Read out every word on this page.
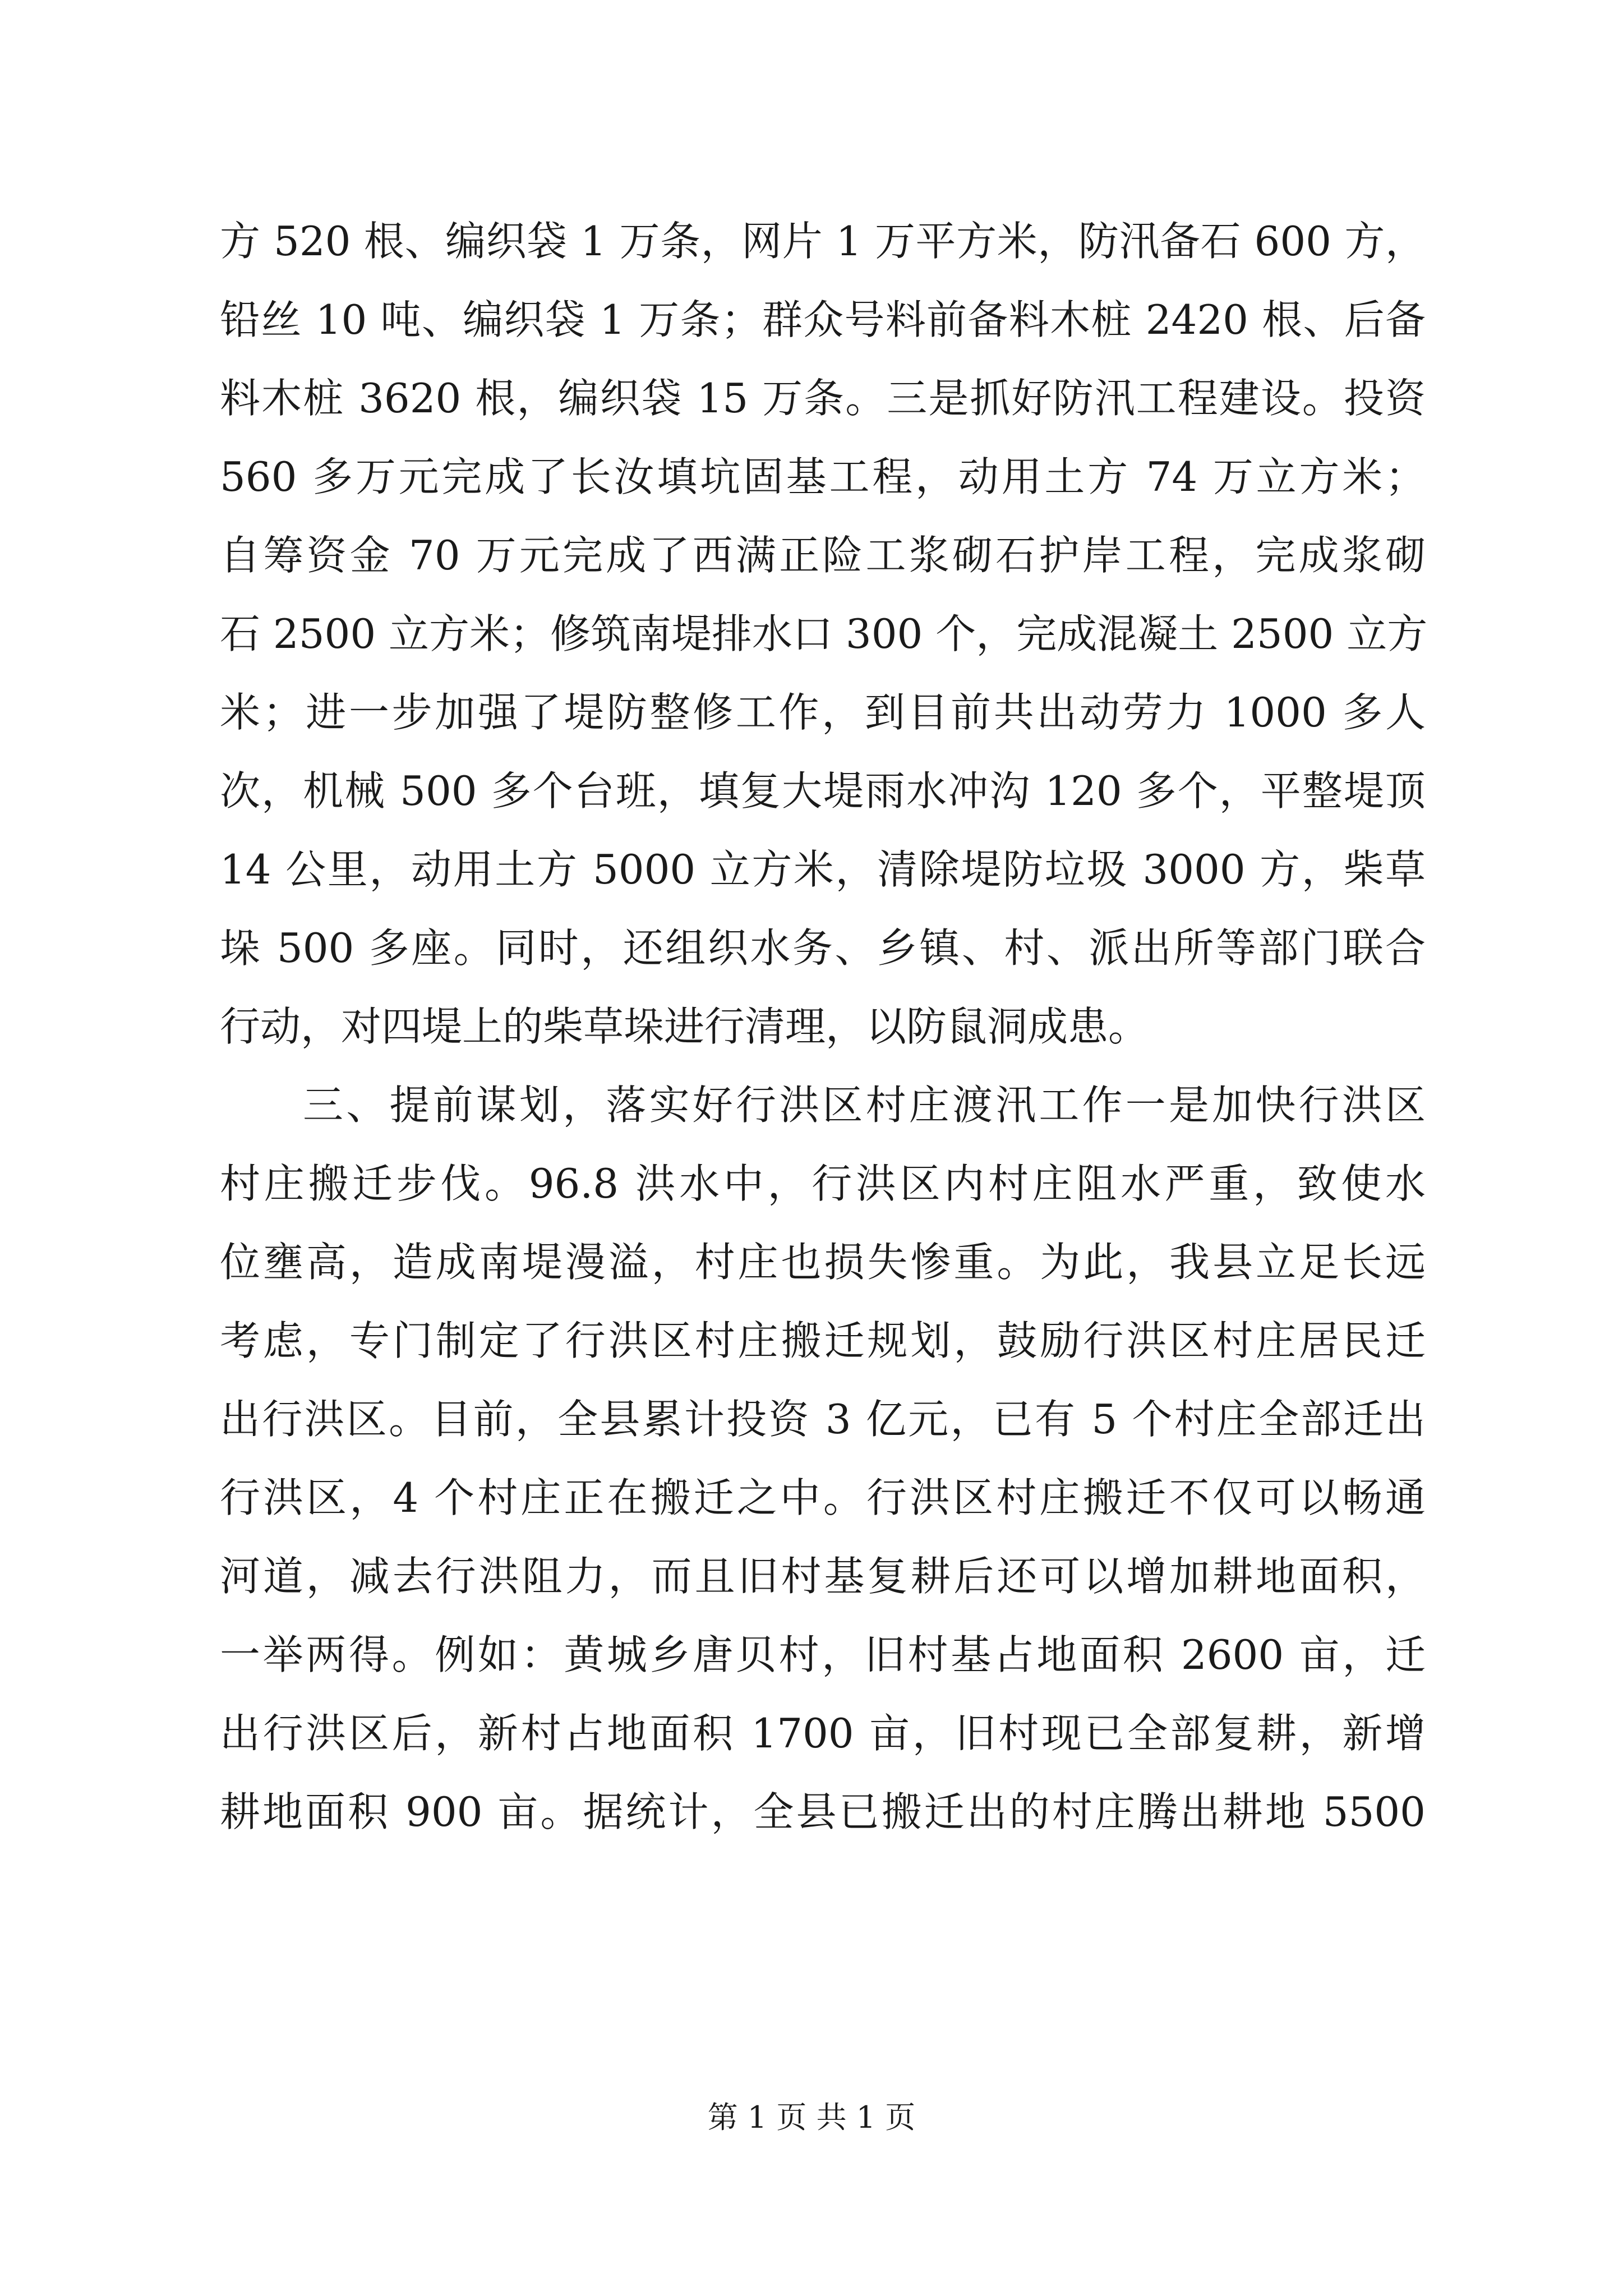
方 520 根、编织袋 1 万条，网片 1 万平方米，防汛备石 600 方，
铅丝 10 吨、编织袋 1 万条；群众号料前备料木桩 2420 根、后备
料木桩 3620 根，编织袋 15 万条。三是抓好防汛工程建设。投资
560 多万元完成了长汝填坑固基工程，动用土方 74 万立方米；
自筹资金 70 万元完成了西满正险工浆砌石护岸工程，完成浆砌
石 2500 立方米；修筑南堤排水口 300 个，完成混凝土 2500 立方
米；进一步加强了堤防整修工作，到目前共出动劳力 1000 多人
次，机械 500 多个台班，填复大堤雨水冲沟 120 多个，平整堤顶
14 公里，动用土方 5000 立方米，清除堤防垃圾 3000 方，柴草
垛 500 多座。同时，还组织水务、乡镇、村、派出所等部门联合
行动，对四堤上的柴草垛进行清理，以防鼠洞成患。
三、提前谋划，落实好行洪区村庄渡汛工作一是加快行洪区
村庄搬迁步伐。96.8 洪水中，行洪区内村庄阻水严重，致使水
位壅高，造成南堤漫溢，村庄也损失惨重。为此，我县立足长远
考虑，专门制定了行洪区村庄搬迁规划，鼓励行洪区村庄居民迁
出行洪区。目前，全县累计投资 3 亿元，已有 5 个村庄全部迁出
行洪区，4 个村庄正在搬迁之中。行洪区村庄搬迁不仅可以畅通
河道，减去行洪阻力，而且旧村基复耕后还可以增加耕地面积，
一举两得。例如：黄城乡唐贝村，旧村基占地面积 2600 亩，迁
出行洪区后，新村占地面积 1700 亩，旧村现已全部复耕，新增
耕地面积 900 亩。据统计，全县已搬迁出的村庄腾出耕地 5500
第 1 页 共 1 页
